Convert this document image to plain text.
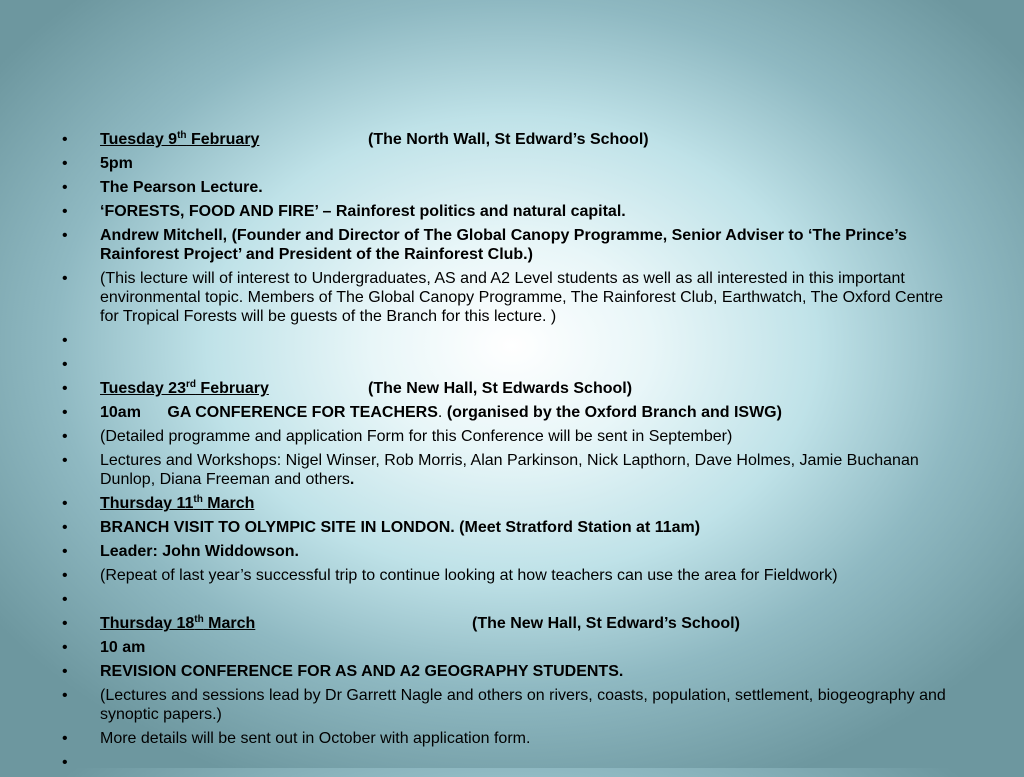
•	Tuesday 9th February	(The North Wall, St Edward’s School)
•	5pm
•	The Pearson Lecture.
•	‘FORESTS, FOOD AND FIRE’ – Rainforest politics and natural capital.
•	Andrew Mitchell, (Founder and Director of The Global Canopy Programme, Senior Adviser to ‘The Prince’s Rainforest Project’ and President of the Rainforest Club.)
•	(This lecture will of interest to Undergraduates, AS and A2 Level students as well as all interested in this important environmental topic. Members of The Global Canopy Programme, The Rainforest Club, Earthwatch, The Oxford Centre for Tropical Forests will be guests of the Branch for this lecture. )
•

•

•	Tuesday 23rd February	(The New Hall, St Edwards School)
•	10am GA CONFERENCE FOR TEACHERS. (organised by the Oxford Branch and ISWG)
•	(Detailed programme and application Form for this Conference will be sent in September)
•	Lectures and Workshops: Nigel Winser, Rob Morris, Alan Parkinson, Nick Lapthorn, Dave Holmes, Jamie Buchanan Dunlop, Diana Freeman and others.
•	Thursday 11th March
•	BRANCH VISIT TO OLYMPIC SITE IN LONDON. (Meet Stratford Station at 11am)
•	Leader: John Widdowson.
•	(Repeat of last year’s successful trip to continue looking at how teachers can use the area for Fieldwork)
•

•	Thursday 18th March	(The New Hall, St Edward’s School)
•	10 am
•	REVISION CONFERENCE FOR AS AND A2 GEOGRAPHY STUDENTS.
•	(Lectures and sessions lead by Dr Garrett Nagle and others on rivers, coasts, population, settlement, biogeography and synoptic papers.)
•	More details will be sent out in October with application form.
•
